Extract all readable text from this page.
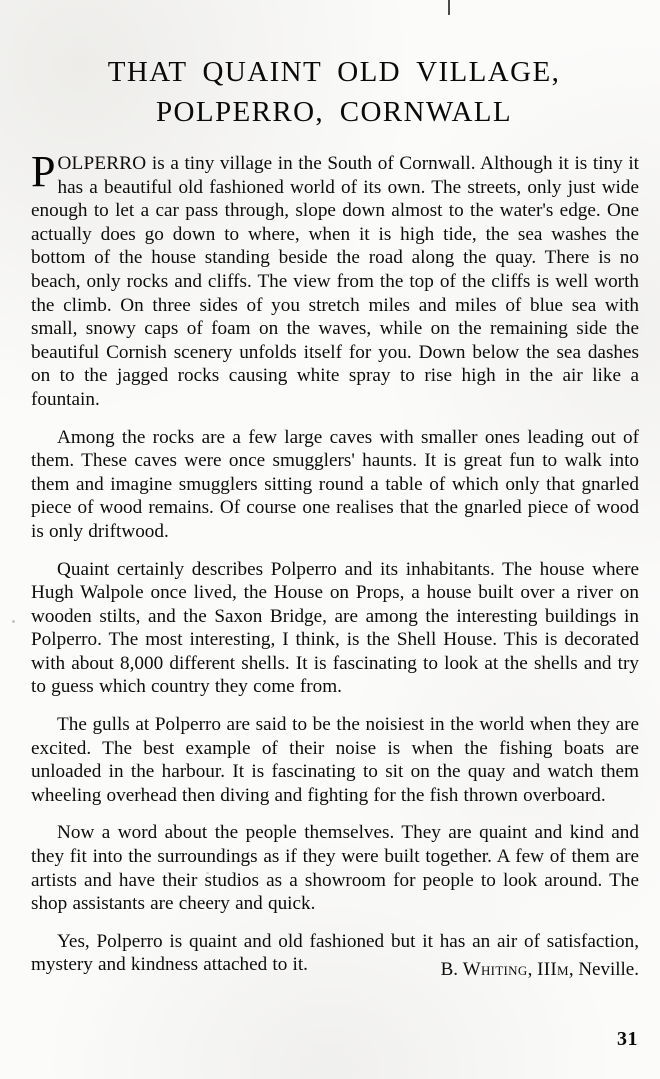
THAT QUAINT OLD VILLAGE,
POLPERRO, CORNWALL

POLPERRO is a tiny village in the South of Cornwall. Although it is tiny it has a beautiful old fashioned world of its own. The streets, only just wide enough to let a car pass through, slope down almost to the water's edge. One actually does go down to where, when it is high tide, the sea washes the bottom of the house standing beside the road along the quay. There is no beach, only rocks and cliffs. The view from the top of the cliffs is well worth the climb. On three sides of you stretch miles and miles of blue sea with small, snowy caps of foam on the waves, while on the remaining side the beautiful Cornish scenery unfolds itself for you. Down below the sea dashes on to the jagged rocks causing white spray to rise high in the air like a fountain.

Among the rocks are a few large caves with smaller ones leading out of them. These caves were once smugglers' haunts. It is great fun to walk into them and imagine smugglers sitting round a table of which only that gnarled piece of wood remains. Of course one realises that the gnarled piece of wood is only driftwood.

Quaint certainly describes Polperro and its inhabitants. The house where Hugh Walpole once lived, the House on Props, a house built over a river on wooden stilts, and the Saxon Bridge, are among the interesting buildings in Polperro. The most interesting, I think, is the Shell House. This is decorated with about 8,000 different shells. It is fascinating to look at the shells and try to guess which country they come from.

The gulls at Polperro are said to be the noisiest in the world when they are excited. The best example of their noise is when the fishing boats are unloaded in the harbour. It is fascinating to sit on the quay and watch them wheeling overhead then diving and fighting for the fish thrown overboard.

Now a word about the people themselves. They are quaint and kind and they fit into the surroundings as if they were built together. A few of them are artists and have their studios as a showroom for people to look around. The shop assistants are cheery and quick.

Yes, Polperro is quaint and old fashioned but it has an air of satisfaction, mystery and kindness attached to it.	B. Whiting, IIIm, Neville.
31
